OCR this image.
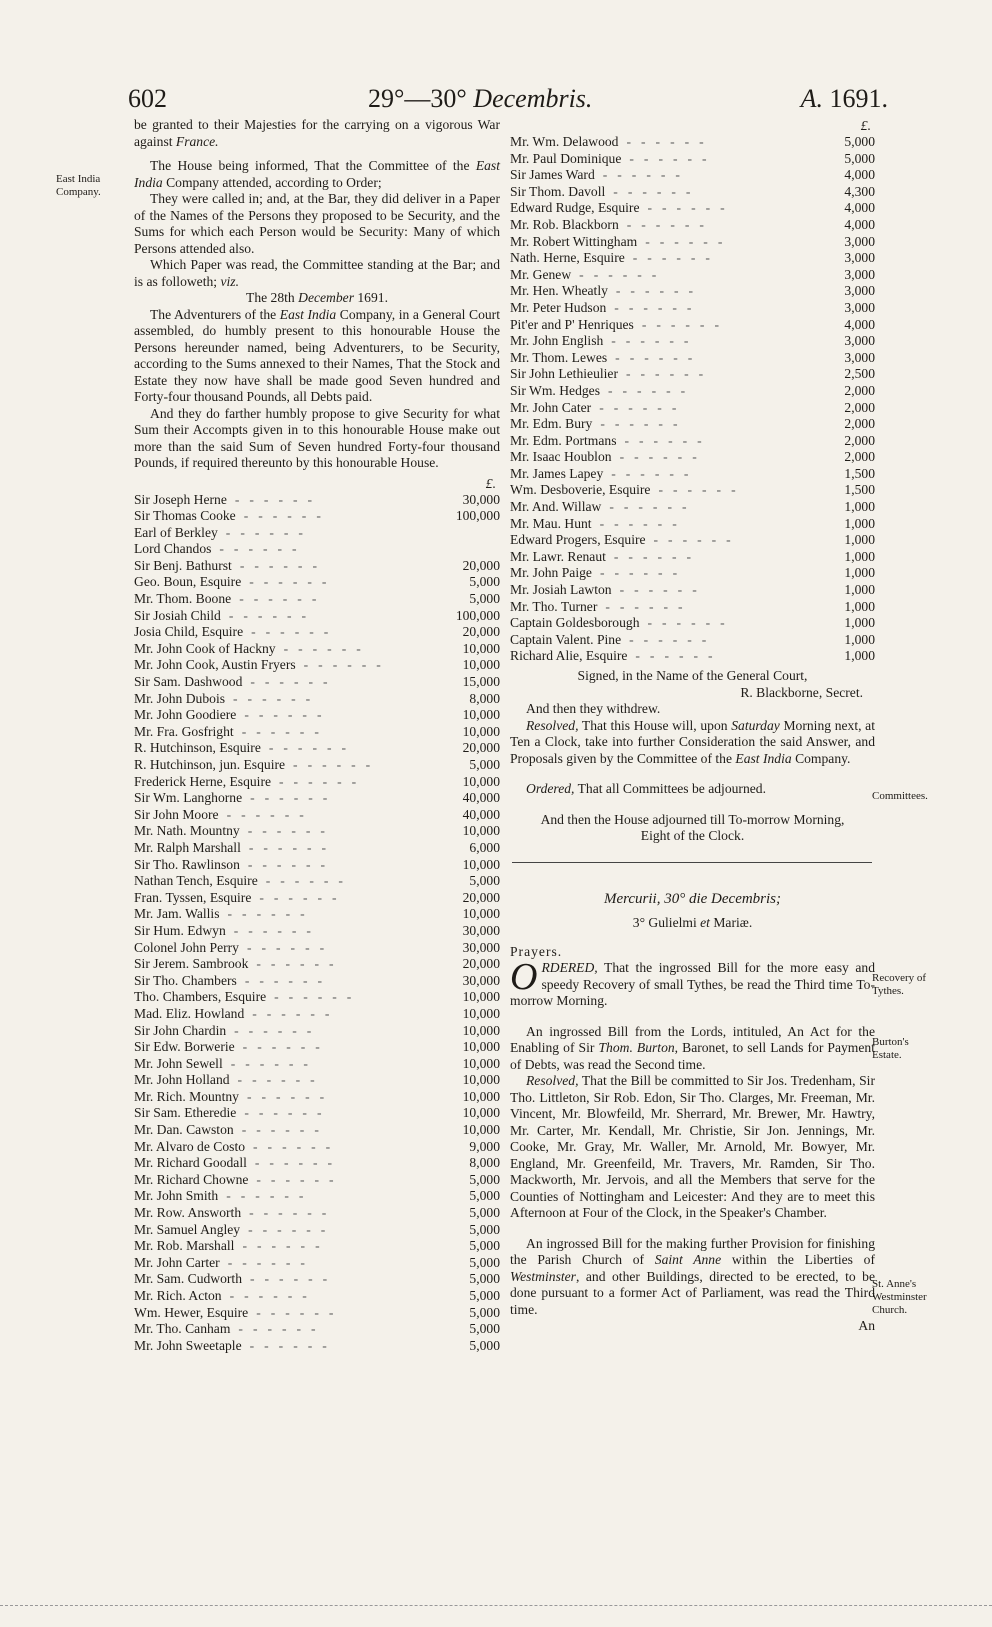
602	29°—30° Decembris.	A. 1691.
East India Company.
Committees.
Recovery of Tythes.
Burton's Estate.
St. Anne's Westminster Church.

be granted to their Majesties for the carrying on a vigorous War against France.

The House being informed, That the Committee of the East India Company attended, according to Order;

They were called in; and, at the Bar, they did deliver in a Paper of the Names of the Persons they proposed to be Security, and the Sums for which each Person would be Security: Many of which Persons attended also.

Which Paper was read, the Committee standing at the Bar; and is as followeth; viz.

The 28th December 1691.

The Adventurers of the East India Company, in a General Court assembled, do humbly present to this honourable House the Persons hereunder named, being Adventurers, to be Security, according to the Sums annexed to their Names, That the Stock and Estate they now have shall be made good Seven hundred and Forty-four thousand Pounds, all Debts paid.

And they do farther humbly propose to give Security for what Sum their Accompts given in to this honourable House make out more than the said Sum of Seven hundred Forty-four thousand Pounds, if required thereunto by this honourable House.

£.
Sir Joseph Herne ------	30,000
Sir Thomas Cooke ------	100,000
Earl of Berkley ------
Lord Chandos ------
Sir Benj. Bathurst ------	20,000
Geo. Boun, Esquire ------	5,000
Mr. Thom. Boone ------	5,000
Sir Josiah Child ------	100,000
Josia Child, Esquire ------	20,000
Mr. John Cook of Hackny ------	10,000
Mr. John Cook, Austin Fryers ------	10,000
Sir Sam. Dashwood ------	15,000
Mr. John Dubois ------	8,000
Mr. John Goodiere ------	10,000
Mr. Fra. Gosfright ------	10,000
R. Hutchinson, Esquire ------	20,000
R. Hutchinson, jun. Esquire ------	5,000
Frederick Herne, Esquire ------	10,000
Sir Wm. Langhorne ------	40,000
Sir John Moore ------	40,000
Mr. Nath. Mountny ------	10,000
Mr. Ralph Marshall ------	6,000
Sir Tho. Rawlinson ------	10,000
Nathan Tench, Esquire ------	5,000
Fran. Tyssen, Esquire ------	20,000
Mr. Jam. Wallis ------	10,000
Sir Hum. Edwyn ------	30,000
Colonel John Perry ------	30,000
Sir Jerem. Sambrook ------	20,000
Sir Tho. Chambers ------	30,000
Tho. Chambers, Esquire ------	10,000
Mad. Eliz. Howland ------	10,000
Sir John Chardin ------	10,000
Sir Edw. Borwerie ------	10,000
Mr. John Sewell ------	10,000
Mr. John Holland ------	10,000
Mr. Rich. Mountny ------	10,000
Sir Sam. Etheredie ------	10,000
Mr. Dan. Cawston ------	10,000
Mr. Alvaro de Costo ------	9,000
Mr. Richard Goodall ------	8,000
Mr. Richard Chowne ------	5,000
Mr. John Smith ------	5,000
Mr. Row. Answorth ------	5,000
Mr. Samuel Angley ------	5,000
Mr. Rob. Marshall ------	5,000
Mr. John Carter ------	5,000
Mr. Sam. Cudworth ------	5,000
Mr. Rich. Acton ------	5,000
Wm. Hewer, Esquire ------	5,000
Mr. Tho. Canham ------	5,000
Mr. John Sweetaple ------	5,000
£.
Mr. Wm. Delawood ------	5,000
Mr. Paul Dominique ------	5,000
Sir James Ward ------	4,000
Sir Thom. Davoll ------	4,300
Edward Rudge, Esquire ------	4,000
Mr. Rob. Blackborn ------	4,000
Mr. Robert Wittingham ------	3,000
Nath. Herne, Esquire ------	3,000
Mr. Genew ------	3,000
Mr. Hen. Wheatly ------	3,000
Mr. Peter Hudson ------	3,000
Pit'er and P' Henriques ------	4,000
Mr. John English ------	3,000
Mr. Thom. Lewes ------	3,000
Sir John Lethieulier ------	2,500
Sir Wm. Hedges ------	2,000
Mr. John Cater ------	2,000
Mr. Edm. Bury ------	2,000
Mr. Edm. Portmans ------	2,000
Mr. Isaac Houblon ------	2,000
Mr. James Lapey ------	1,500
Wm. Desboverie, Esquire ------	1,500
Mr. And. Willaw ------	1,000
Mr. Mau. Hunt ------	1,000
Edward Progers, Esquire ------	1,000
Mr. Lawr. Renaut ------	1,000
Mr. John Paige ------	1,000
Mr. Josiah Lawton ------	1,000
Mr. Tho. Turner ------	1,000
Captain Goldesborough ------	1,000
Captain Valent. Pine ------	1,000
Richard Alie, Esquire ------	1,000

Signed, in the Name of the General Court,

R. Blackborne, Secret.

And then they withdrew.

Resolved, That this House will, upon Saturday Morning next, at Ten a Clock, take into further Consideration the said Answer, and Proposals given by the Committee of the East India Company.

Ordered, That all Committees be adjourned.

And then the House adjourned till To-morrow Morning, Eight of the Clock.

Mercurii, 30° die Decembris;

3° Gulielmi et Mariæ.

Prayers.

ORDERED, That the ingrossed Bill for the more easy and speedy Recovery of small Tythes, be read the Third time To-morrow Morning.

An ingrossed Bill from the Lords, intituled, An Act for the Enabling of Sir Thom. Burton, Baronet, to sell Lands for Payment of Debts, was read the Second time.

Resolved, That the Bill be committed to Sir Jos. Tredenham, Sir Tho. Littleton, Sir Rob. Edon, Sir Tho. Clarges, Mr. Freeman, Mr. Vincent, Mr. Blowfeild, Mr. Sherrard, Mr. Brewer, Mr. Hawtry, Mr. Carter, Mr. Kendall, Mr. Christie, Sir Jon. Jennings, Mr. Cooke, Mr. Gray, Mr. Waller, Mr. Arnold, Mr. Bowyer, Mr. England, Mr. Greenfeild, Mr. Travers, Mr. Ramden, Sir Tho. Mackworth, Mr. Jervois, and all the Members that serve for the Counties of Nottingham and Leicester: And they are to meet this Afternoon at Four of the Clock, in the Speaker's Chamber.

An ingrossed Bill for the making further Provision for finishing the Parish Church of Saint Anne within the Liberties of Westminster, and other Buildings, directed to be erected, to be done pursuant to a former Act of Parliament, was read the Third time.

An
